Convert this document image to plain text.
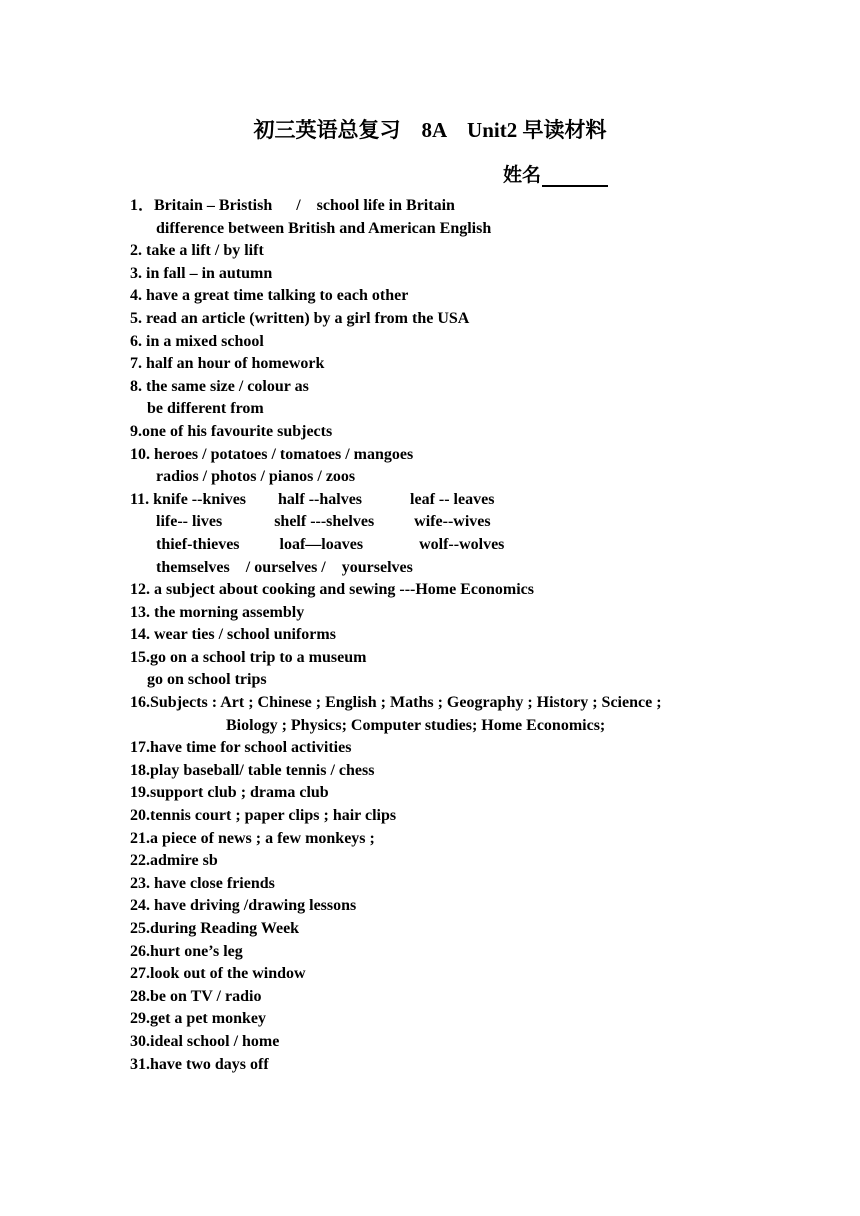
初三英语总复习    8A    Unit2 早读材料
姓名
1．Britain – Bristish      /    school life in Britain
difference between British and American English
2. take a lift / by lift
3. in fall – in autumn
4. have a great time talking to each other
5. read an article (written) by a girl from the USA
6. in a mixed school
7. half an hour of homework
8. the same size / colour as
be different from
9.one of his favourite subjects
10. heroes / potatoes / tomatoes / mangoes
radios / photos / pianos / zoos
11. knife --knives        half --halves            leaf -- leaves
life-- lives             shelf ---shelves          wife--wives
thief-thieves          loaf—loaves              wolf--wolves
themselves    / ourselves /    yourselves
12. a subject about cooking and sewing ---Home Economics
13. the morning assembly
14. wear ties / school uniforms
15.go on a school trip to a museum
go on school trips
16.Subjects : Art ; Chinese ; English ; Maths ; Geography ; History ; Science ;
Biology ; Physics; Computer studies; Home Economics;
17.have time for school activities
18.play baseball/ table tennis / chess
19.support club ; drama club
20.tennis court ; paper clips ; hair clips
21.a piece of news ; a few monkeys ;
22.admire sb
23. have close friends
24. have driving /drawing lessons
25.during Reading Week
26.hurt one’s leg
27.look out of the window
28.be on TV / radio
29.get a pet monkey
30.ideal school / home
31.have two days off
